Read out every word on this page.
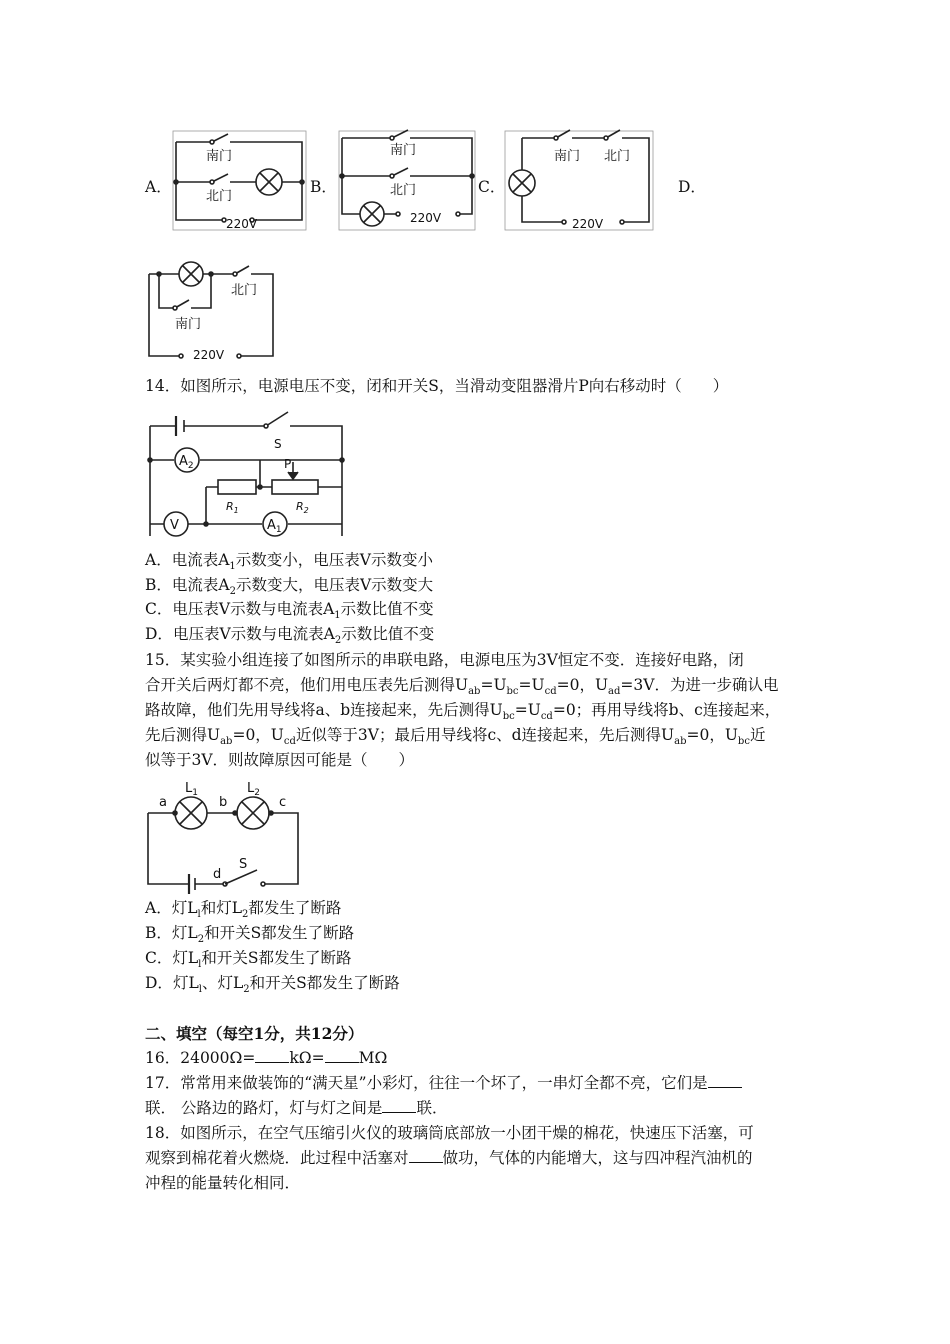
A．	B．	C．	D．
南门
北门
220V
南门
北门
220V
南门 北门
220V
北门
南门
220V
14．如图所示，电源电压不变，闭和开关S，当滑动变阻器滑片P向右移动时（　　）
$A_2$	P
S
$R_1$	$R_2$
V	$A_1$
A．电流表$A_1$示数变小，电压表V示数变小
B．电流表$A_2$示数变大，电压表V示数变大
C．电压表V示数与电流表$A_1$示数比值不变
D．电压表V示数与电流表$A_2$示数比值不变
15．某实验小组连接了如图所示的串联电路，电源电压为3V恒定不变．连接好电路，闭
合开关后两灯都不亮，他们用电压表先后测得$U_{ab}=U_{bc}=U_{cd}=0$，$U_{ad}=3V$．为进一步确认电
路故障，他们先用导线将a、b连接起来，先后测得$U_{bc}=U_{cd}=0$；再用导线将b、c连接起来，
先后测得$U_{ab}=0$，$U_{cd}$近似等于3V；最后用导线将c、d连接起来，先后测得$U_{ab}=0$，$U_{bc}$近
似等于3V．则故障原因可能是（　　）
a	b	c
d
S
$L_1$	$L_2$
A．灯$L_l$和灯$L_2$都发生了断路
B．灯$L_2$和开关S都发生了断路
C．灯$L_l$和开关S都发生了断路
D．灯$L_l$、灯$L_2$和开关S都发生了断路
二、填空（每空1分，共12分）
16．24000Ω= kΩ= MΩ
17．常常用来做装饰的“满天星”小彩灯，往往一个坏了，一串灯全都不亮，它们是
联． 公路边的路灯，灯与灯之间是 联．
18．如图所示，在空气压缩引火仪的玻璃筒底部放一小团干燥的棉花，快速压下活塞，可
观察到棉花着火燃烧．此过程中活塞对 做功，气体的内能增大，这与四冲程汽油机的
冲程的能量转化相同．
